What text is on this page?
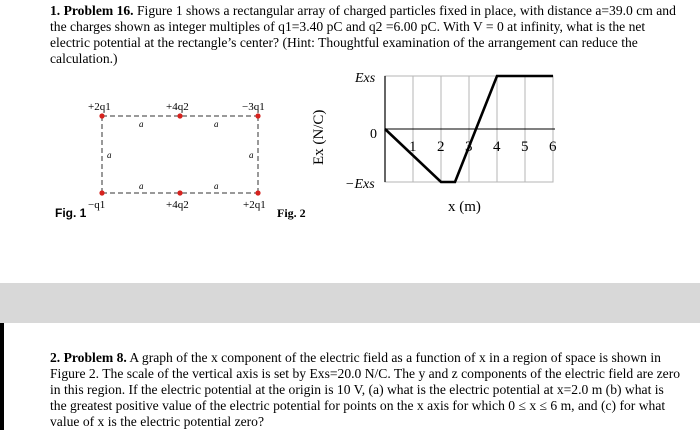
1. Problem 16. Figure 1 shows a rectangular array of charged particles fixed in place, with distance a=39.0 cm and the charges shown as integer multiples of q1=3.40 pC and q2 =6.00 pC. With V = 0 at infinity, what is the net electric potential at the rectangle’s center? (Hint: Thoughtful examination of the arrangement can reduce the calculation.)
Fig. 1
+2q1	+4q2	−3q1
−q1	+4q2	+2q1
a	a
a	a
a	a
Fig. 2
Ex (N/C)
Exs
0
−Exs
1 2 3 4 5 6
x (m)
2. Problem 8. A graph of the x component of the electric field as a function of x in a region of space is shown in Figure 2. The scale of the vertical axis is set by Exs=20.0 N/C. The y and z components of the electric field are zero in this region. If the electric potential at the origin is 10 V, (a) what is the electric potential at x=2.0 m (b) what is the greatest positive value of the electric potential for points on the x axis for which 0 ≤ x ≤ 6 m, and (c) for what value of x is the electric potential zero?
